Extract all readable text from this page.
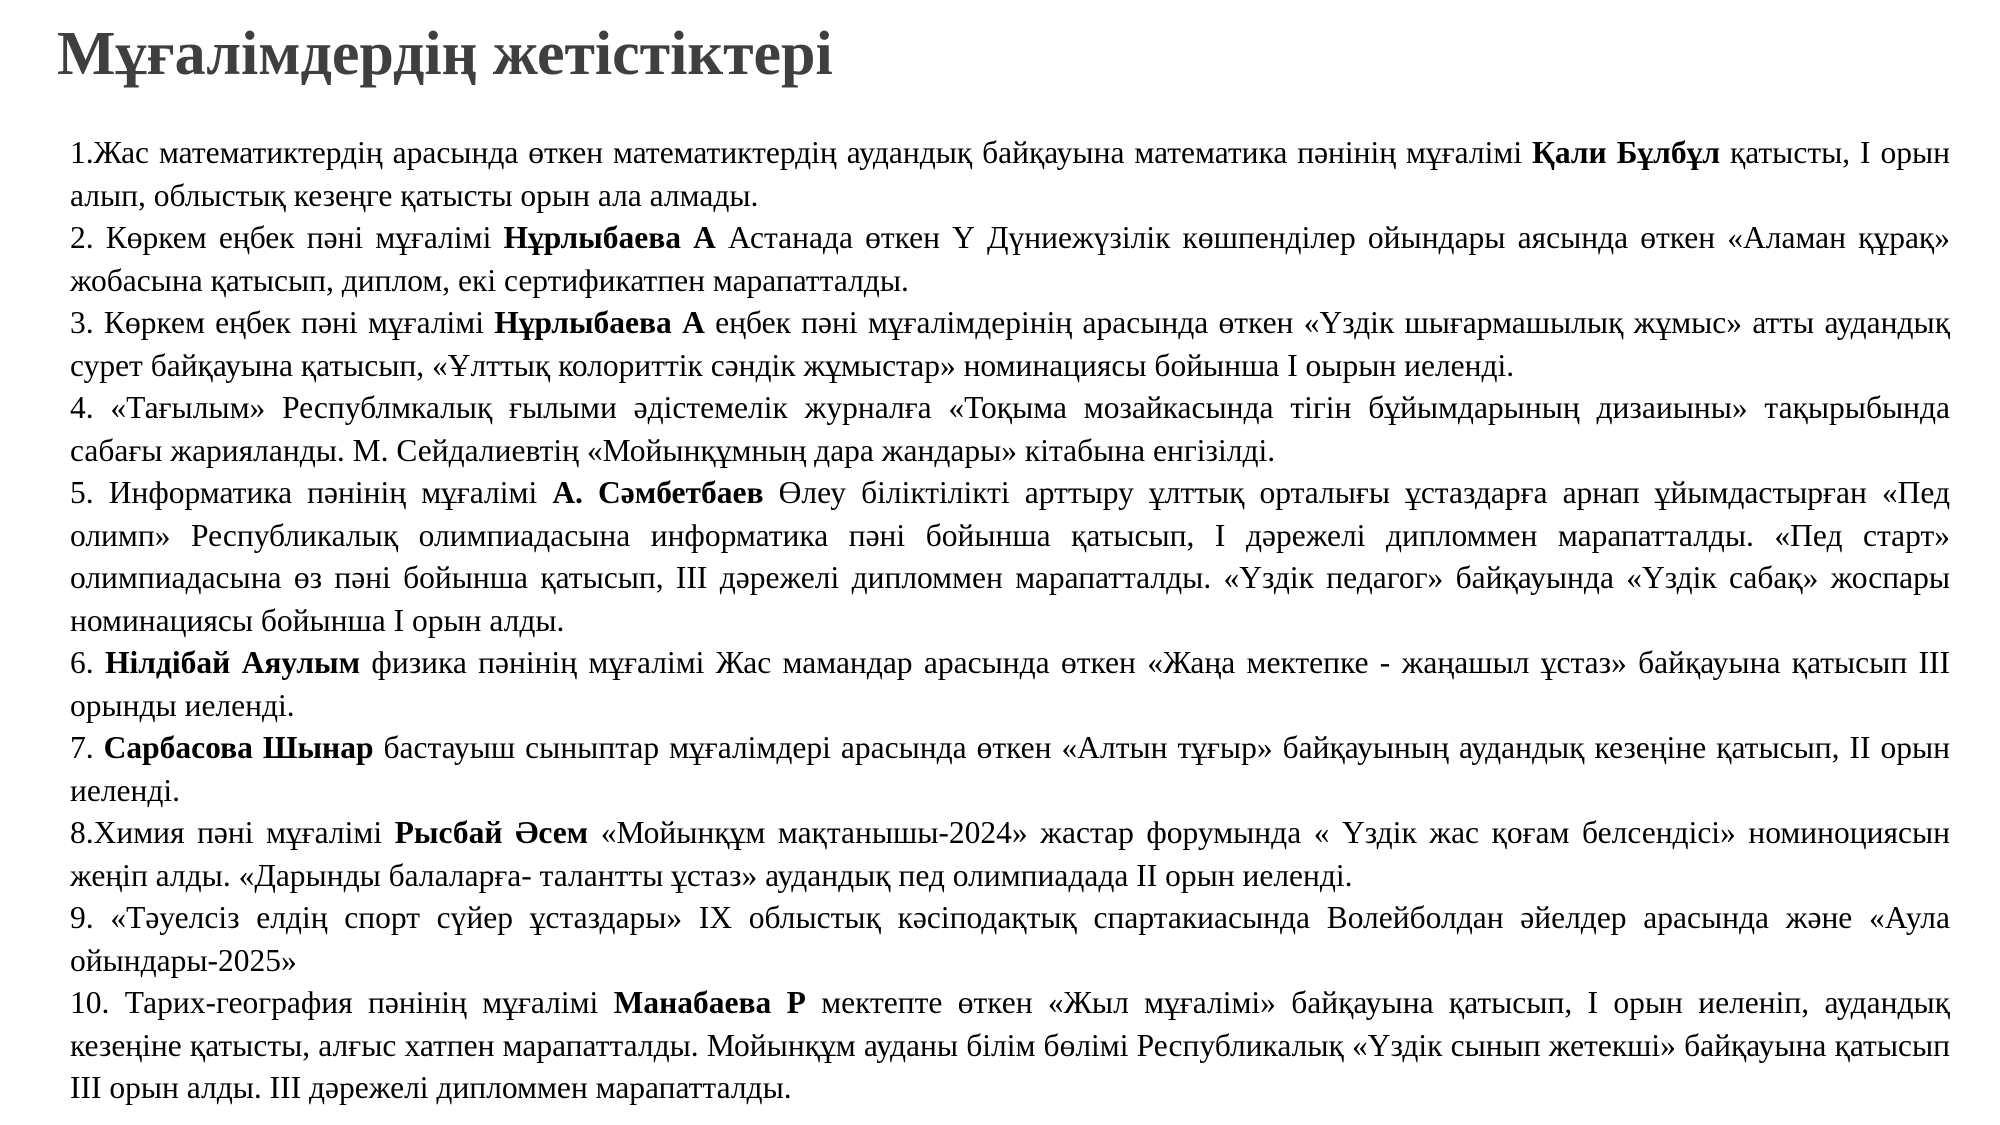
Мұғалімдердің жетістіктері

1.Жас математиктердің арасында өткен математиктердің аудандық байқауына математика пәнінің мұғалімі Қали Бұлбұл қатысты, I орын алып, облыстық кезеңге қатысты орын ала алмады.

2. Көркем еңбек пәні мұғалімі Нұрлыбаева А Астанада өткен Ү Дүниежүзілік көшпенділер ойындары аясында өткен «Аламан құрақ» жобасына қатысып, диплом, екі сертификатпен марапатталды.

3. Көркем еңбек пәні мұғалімі Нұрлыбаева А еңбек пәні мұғалімдерінің арасында өткен «Үздік шығармашылық жұмыс» атты аудандық сурет байқауына қатысып, «Ұлттық колориттік сәндік жұмыстар» номинациясы бойынша I оырын иеленді.

4. «Тағылым» Республмкалық ғылыми әдістемелік журналға «Тоқыма мозайкасында тігін бұйымдарының дизаиыны» тақырыбында сабағы жарияланды. М. Сейдалиевтің «Мойынқұмның дара жандары» кітабына енгізілді.

5. Информатика пәнінің мұғалімі А. Сәмбетбаев Өлеу біліктілікті арттыру ұлттық орталығы ұстаздарға арнап ұйымдастырған «Пед олимп» Республикалық олимпиадасына информатика пәні бойынша қатысып, I дәрежелі дипломмен марапатталды. «Пед старт» олимпиадасына өз пәні бойынша қатысып, III дәрежелі дипломмен марапатталды. «Үздік педагог» байқауында «Үздік сабақ» жоспары номинациясы бойынша I орын алды.

6. Нілдібай Аяулым физика пәнінің мұғалімі Жас мамандар арасында өткен «Жаңа мектепке - жаңашыл ұстаз» байқауына қатысып III орынды иеленді.

7. Сарбасова Шынар бастауыш сыныптар мұғалімдері арасында өткен «Алтын тұғыр» байқауының аудандық кезеңіне қатысып, II орын иеленді.

8.Химия пәні мұғалімі Рысбай Әсем «Мойынқұм мақтанышы-2024» жастар форумында « Үздік жас қоғам белсендісі» номиноциясын жеңіп алды. «Дарынды балаларға- талантты ұстаз» аудандық пед олимпиадада II орын иеленді.

9. «Тәуелсіз елдің спорт сүйер ұстаздары» IX облыстық кәсіподақтық спартакиасында Волейболдан әйелдер арасында және «Аула ойындары-2025»

10. Тарих-география пәнінің мұғалімі Манабаева Р мектепте өткен «Жыл мұғалімі» байқауына қатысып, I орын иеленіп, аудандық кезеңіне қатысты, алғыс хатпен марапатталды. Мойынқұм ауданы білім бөлімі Республикалық «Үздік сынып жетекші» байқауына қатысып III орын алды. III дәрежелі дипломмен марапатталды.
